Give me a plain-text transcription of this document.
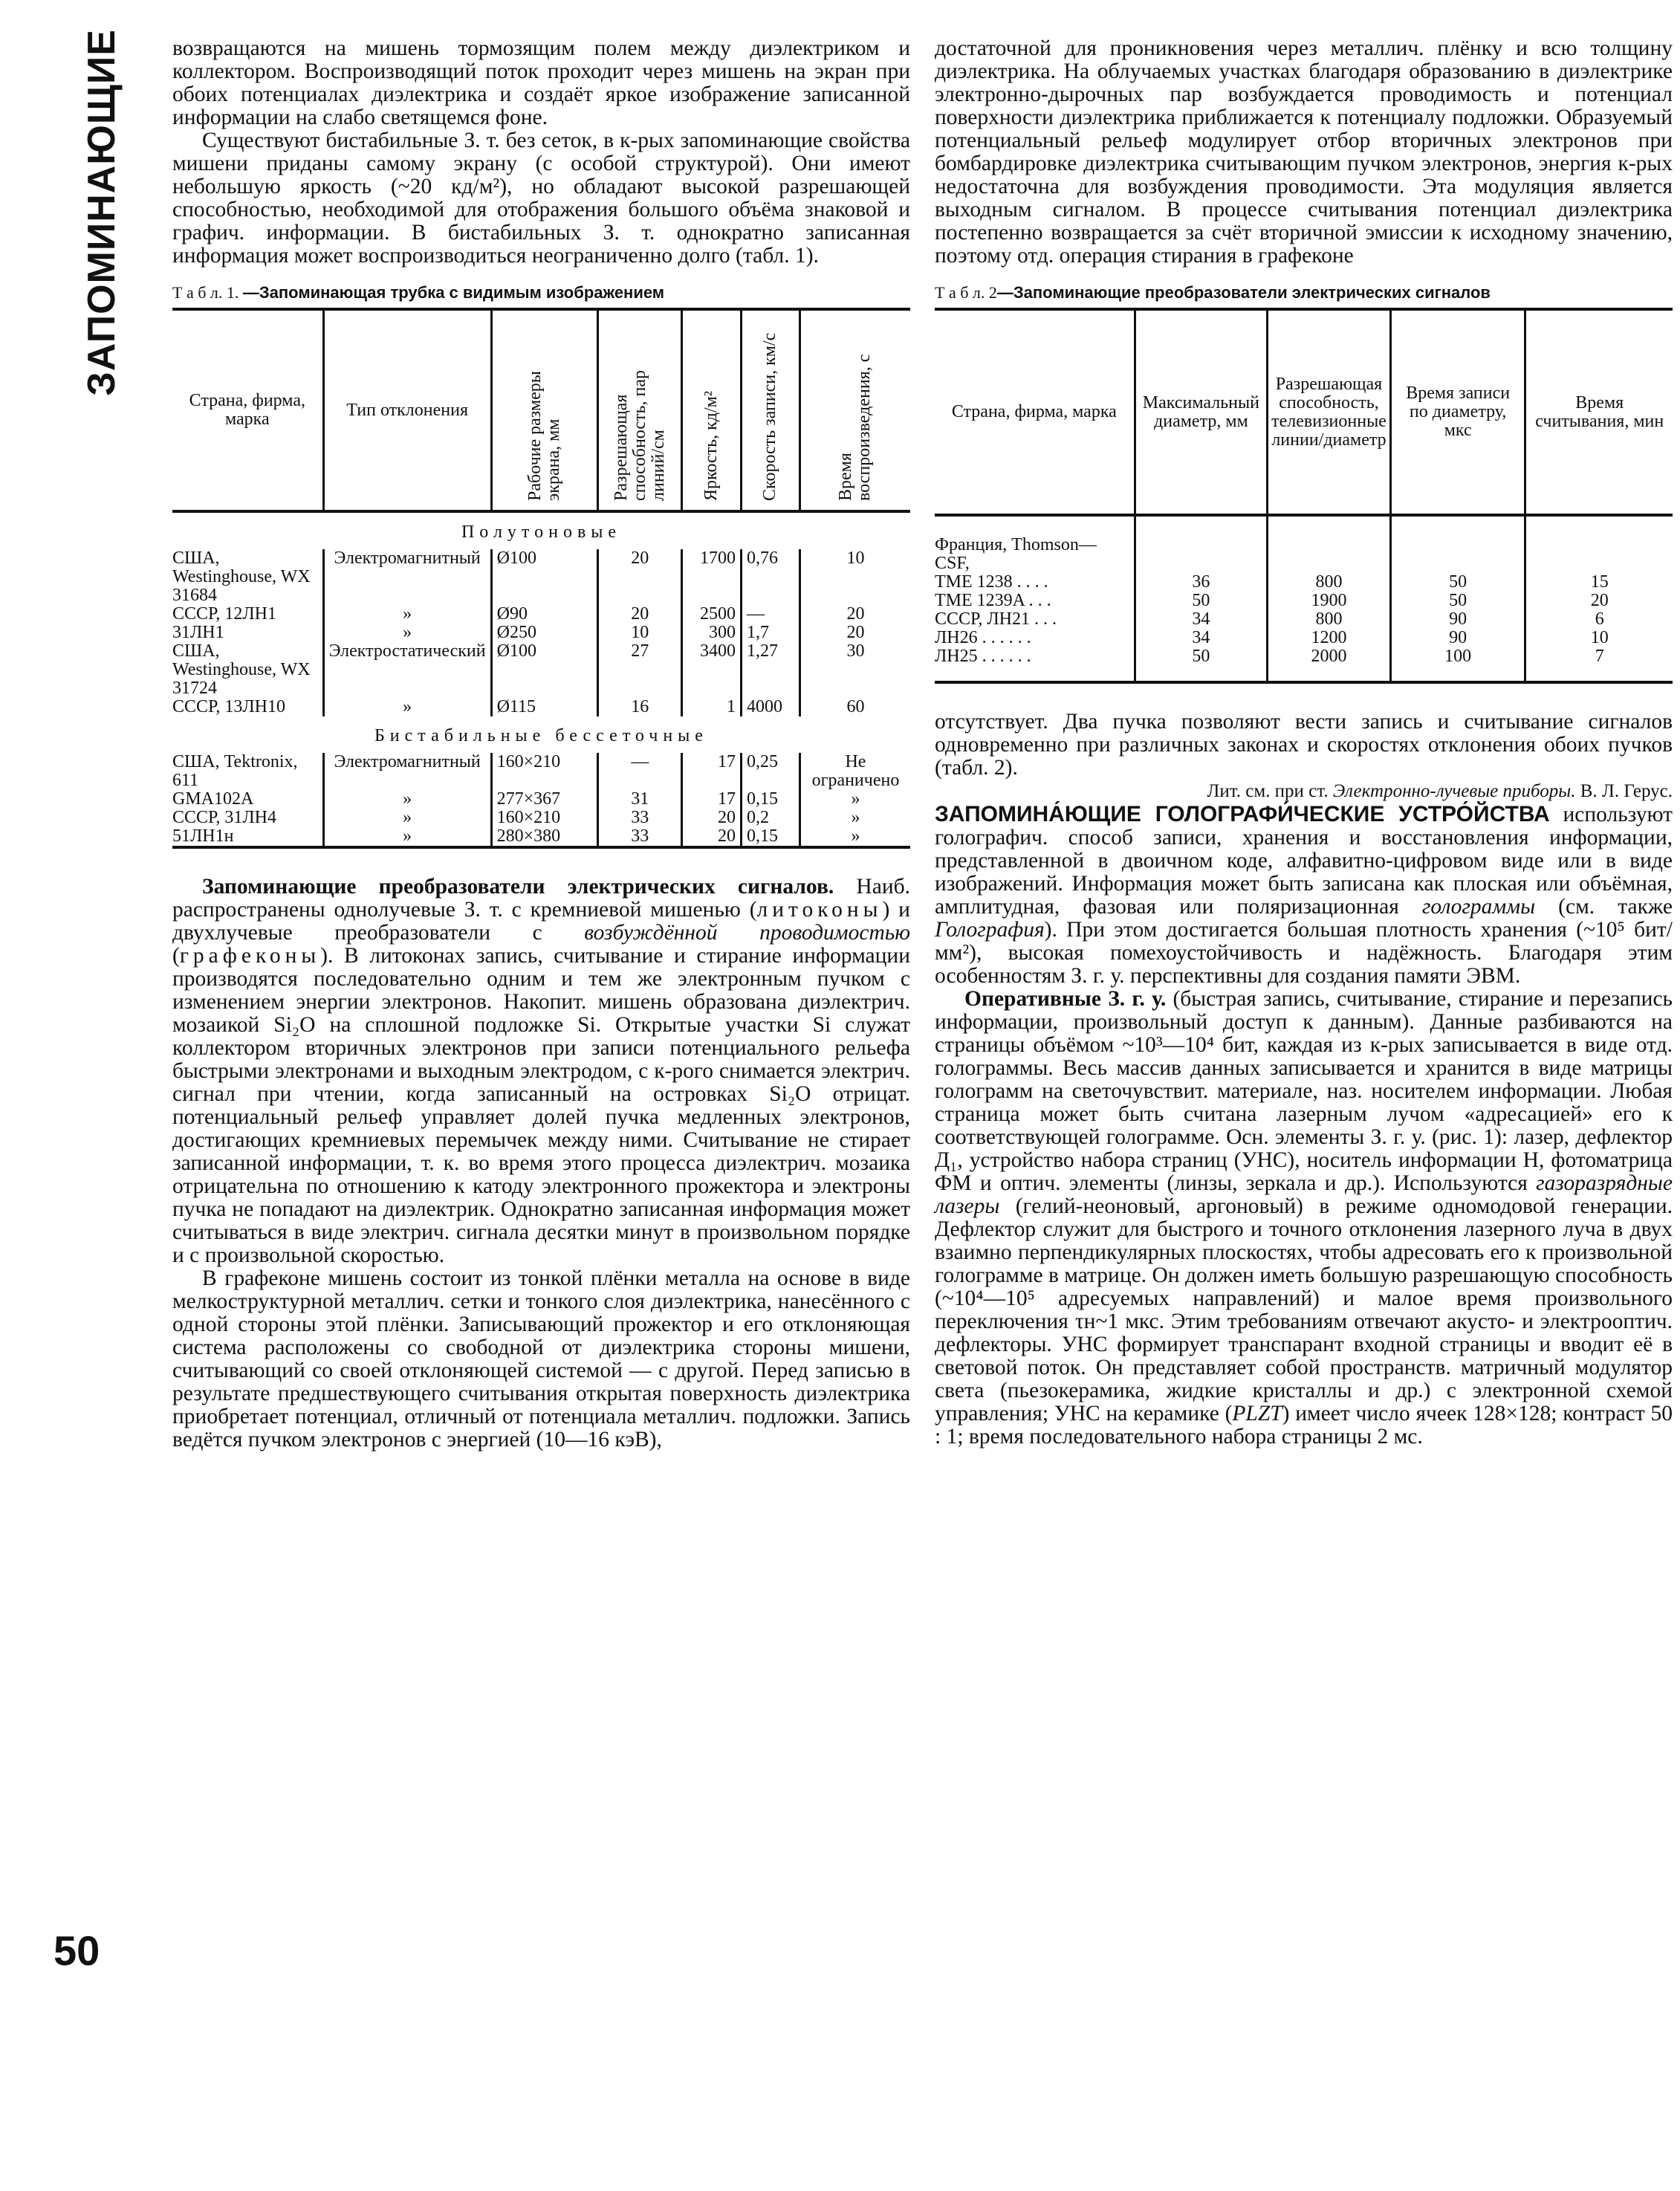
ЗАПОМИНАЮЩИЕ
50

возвращаются на мишень тормозящим полем между диэлектриком и коллектором. Воспроизводящий поток проходит через мишень на экран при обоих потенциалах диэлектрика и создаёт яркое изображение записанной информации на слабо светящемся фоне.

Существуют бистабильные З. т. без сеток, в к-рых запоминающие свойства мишени приданы самому экрану (с особой структурой). Они имеют небольшую яркость (~20 кд/м²), но обладают высокой разрешающей способностью, необходимой для отображения большого объёма знаковой и графич. информации. В бистабильных З. т. однократно записанная информация может воспроизводиться неограниченно долго (табл. 1).

Т а б л. 1. —Запоминающая трубка с видимым изображением
Страна, фирма, марка	Тип отклонения	Рабочие размеры экрана, мм	Разрешающая способность, пар линий/см	Яркость, кд/м²	Скорость записи, км/с	Время воспроизведения, с
Полутоновые						
США, Westinghouse, WX 31684	Электромагнитный	Ø100	20	1700	0,76	10
СССР, 12ЛН1	»	Ø90	20	2500	—	20
31ЛН1	»	Ø250	10	300	1,7	20
США, Westinghouse, WX 31724	Электростатический	Ø100	27	3400	1,27	30
СССР, 13ЛН10	»	Ø115	16	1	4000	60
Бистабильные бессеточные						
США, Tektronix, 611	Электромагнитный	160×210	—	17	0,25	Не ограничено
GMA102A	»	277×367	31	17	0,15	»
СССР, 31ЛН4	»	160×210	33	20	0,2	»
51ЛН1н	»	280×380	33	20	0,15	»

Запоминающие преобразователи электрических сигналов. Наиб. распространены однолучевые З. т. с кремниевой мишенью (литоконы) и двухлучевые преобразователи с возбуждённой проводимостью (графеконы). В литоконах запись, считывание и стирание информации производятся последовательно одним и тем же электронным пучком с изменением энергии электронов. Накопит. мишень образована диэлектрич. мозаикой Si₂O на сплошной подложке Si. Открытые участки Si служат коллектором вторичных электронов при записи потенциального рельефа быстрыми электронами и выходным электродом, с к-рого снимается электрич. сигнал при чтении, когда записанный на островках Si₂O отрицат. потенциальный рельеф управляет долей пучка медленных электронов, достигающих кремниевых перемычек между ними. Считывание не стирает записанной информации, т. к. во время этого процесса диэлектрич. мозаика отрицательна по отношению к катоду электронного прожектора и электроны пучка не попадают на диэлектрик. Однократно записанная информация может считываться в виде электрич. сигнала десятки минут в произвольном порядке и с произвольной скоростью.

В графеконе мишень состоит из тонкой плёнки металла на основе в виде мелкоструктурной металлич. сетки и тонкого слоя диэлектрика, нанесённого с одной стороны этой плёнки. Записывающий прожектор и его отклоняющая система расположены со свободной от диэлектрика стороны мишени, считывающий со своей отклоняющей системой — с другой. Перед записью в результате предшествующего считывания открытая поверхность диэлектрика приобретает потенциал, отличный от потенциала металлич. подложки. Запись ведётся пучком электронов с энергией (10—16 кэВ),

достаточной для проникновения через металлич. плёнку и всю толщину диэлектрика. На облучаемых участках благодаря образованию в диэлектрике электронно-дырочных пар возбуждается проводимость и потенциал поверхности диэлектрика приближается к потенциалу подложки. Образуемый потенциальный рельеф модулирует отбор вторичных электронов при бомбардировке диэлектрика считывающим пучком электронов, энергия к-рых недостаточна для возбуждения проводимости. Эта модуляция является выходным сигналом. В процессе считывания потенциал диэлектрика постепенно возвращается за счёт вторичной эмиссии к исходному значению, поэтому отд. операция стирания в графеконе

Т а б л. 2—Запоминающие преобразователи электрических сигналов
Страна, фирма, марка	Максимальный диаметр, мм	Разрешающая способность, телевизионные линии/диаметр	Время записи по диаметру, мкс	Время считывания, мин
Франция, Thomson—CSF,				
TME 1238 . . . .	36	800	50	15
TME 1239A . . .	50	1900	50	20
СССР, ЛН21 . . .	34	800	90	6
ЛН26 . . . . . .	34	1200	90	10
ЛН25 . . . . . .	50	2000	100	7

отсутствует. Два пучка позволяют вести запись и считывание сигналов одновременно при различных законах и скоростях отклонения обоих пучков (табл. 2).

Лит. см. при ст. Электронно-лучевые приборы. В. Л. Герус.

ЗАПОМИНА́ЮЩИЕ ГОЛОГРАФИ́ЧЕСКИЕ УСТРО́ЙСТВА используют голографич. способ записи, хранения и восстановления информации, представленной в двоичном коде, алфавитно-цифровом виде или в виде изображений. Информация может быть записана как плоская или объёмная, амплитудная, фазовая или поляризационная голограммы (см. также Голография). При этом достигается большая плотность хранения (~10⁵ бит/мм²), высокая помехоустойчивость и надёжность. Благодаря этим особенностям З. г. у. перспективны для создания памяти ЭВМ.

Оперативные З. г. у. (быстрая запись, считывание, стирание и перезапись информации, произвольный доступ к данным). Данные разбиваются на страницы объёмом ~10³—10⁴ бит, каждая из к-рых записывается в виде отд. голограммы. Весь массив данных записывается и хранится в виде матрицы голограмм на светочувствит. материале, наз. носителем информации. Любая страница может быть считана лазерным лучом «адресацией» его к соответствующей голограмме. Осн. элементы З. г. у. (рис. 1): лазер, дефлектор Д₁, устройство набора страниц (УНС), носитель информации Н, фотоматрица ФМ и оптич. элементы (линзы, зеркала и др.). Используются газоразрядные лазеры (гелий-неоновый, аргоновый) в режиме одномодовой генерации. Дефлектор служит для быстрого и точного отклонения лазерного луча в двух взаимно перпендикулярных плоскостях, чтобы адресовать его к произвольной голограмме в матрице. Он должен иметь большую разрешающую способность (~10⁴—10⁵ адресуемых направлений) и малое время произвольного переключения τн~1 мкс. Этим требованиям отвечают акусто- и электрооптич. дефлекторы. УНС формирует транспарант входной страницы и вводит её в световой поток. Он представляет собой пространств. матричный модулятор света (пьезокерамика, жидкие кристаллы и др.) с электронной схемой управления; УНС на керамике (PLZT) имеет число ячеек 128×128; контраст 50 : 1; время последовательного набора страницы 2 мс.
